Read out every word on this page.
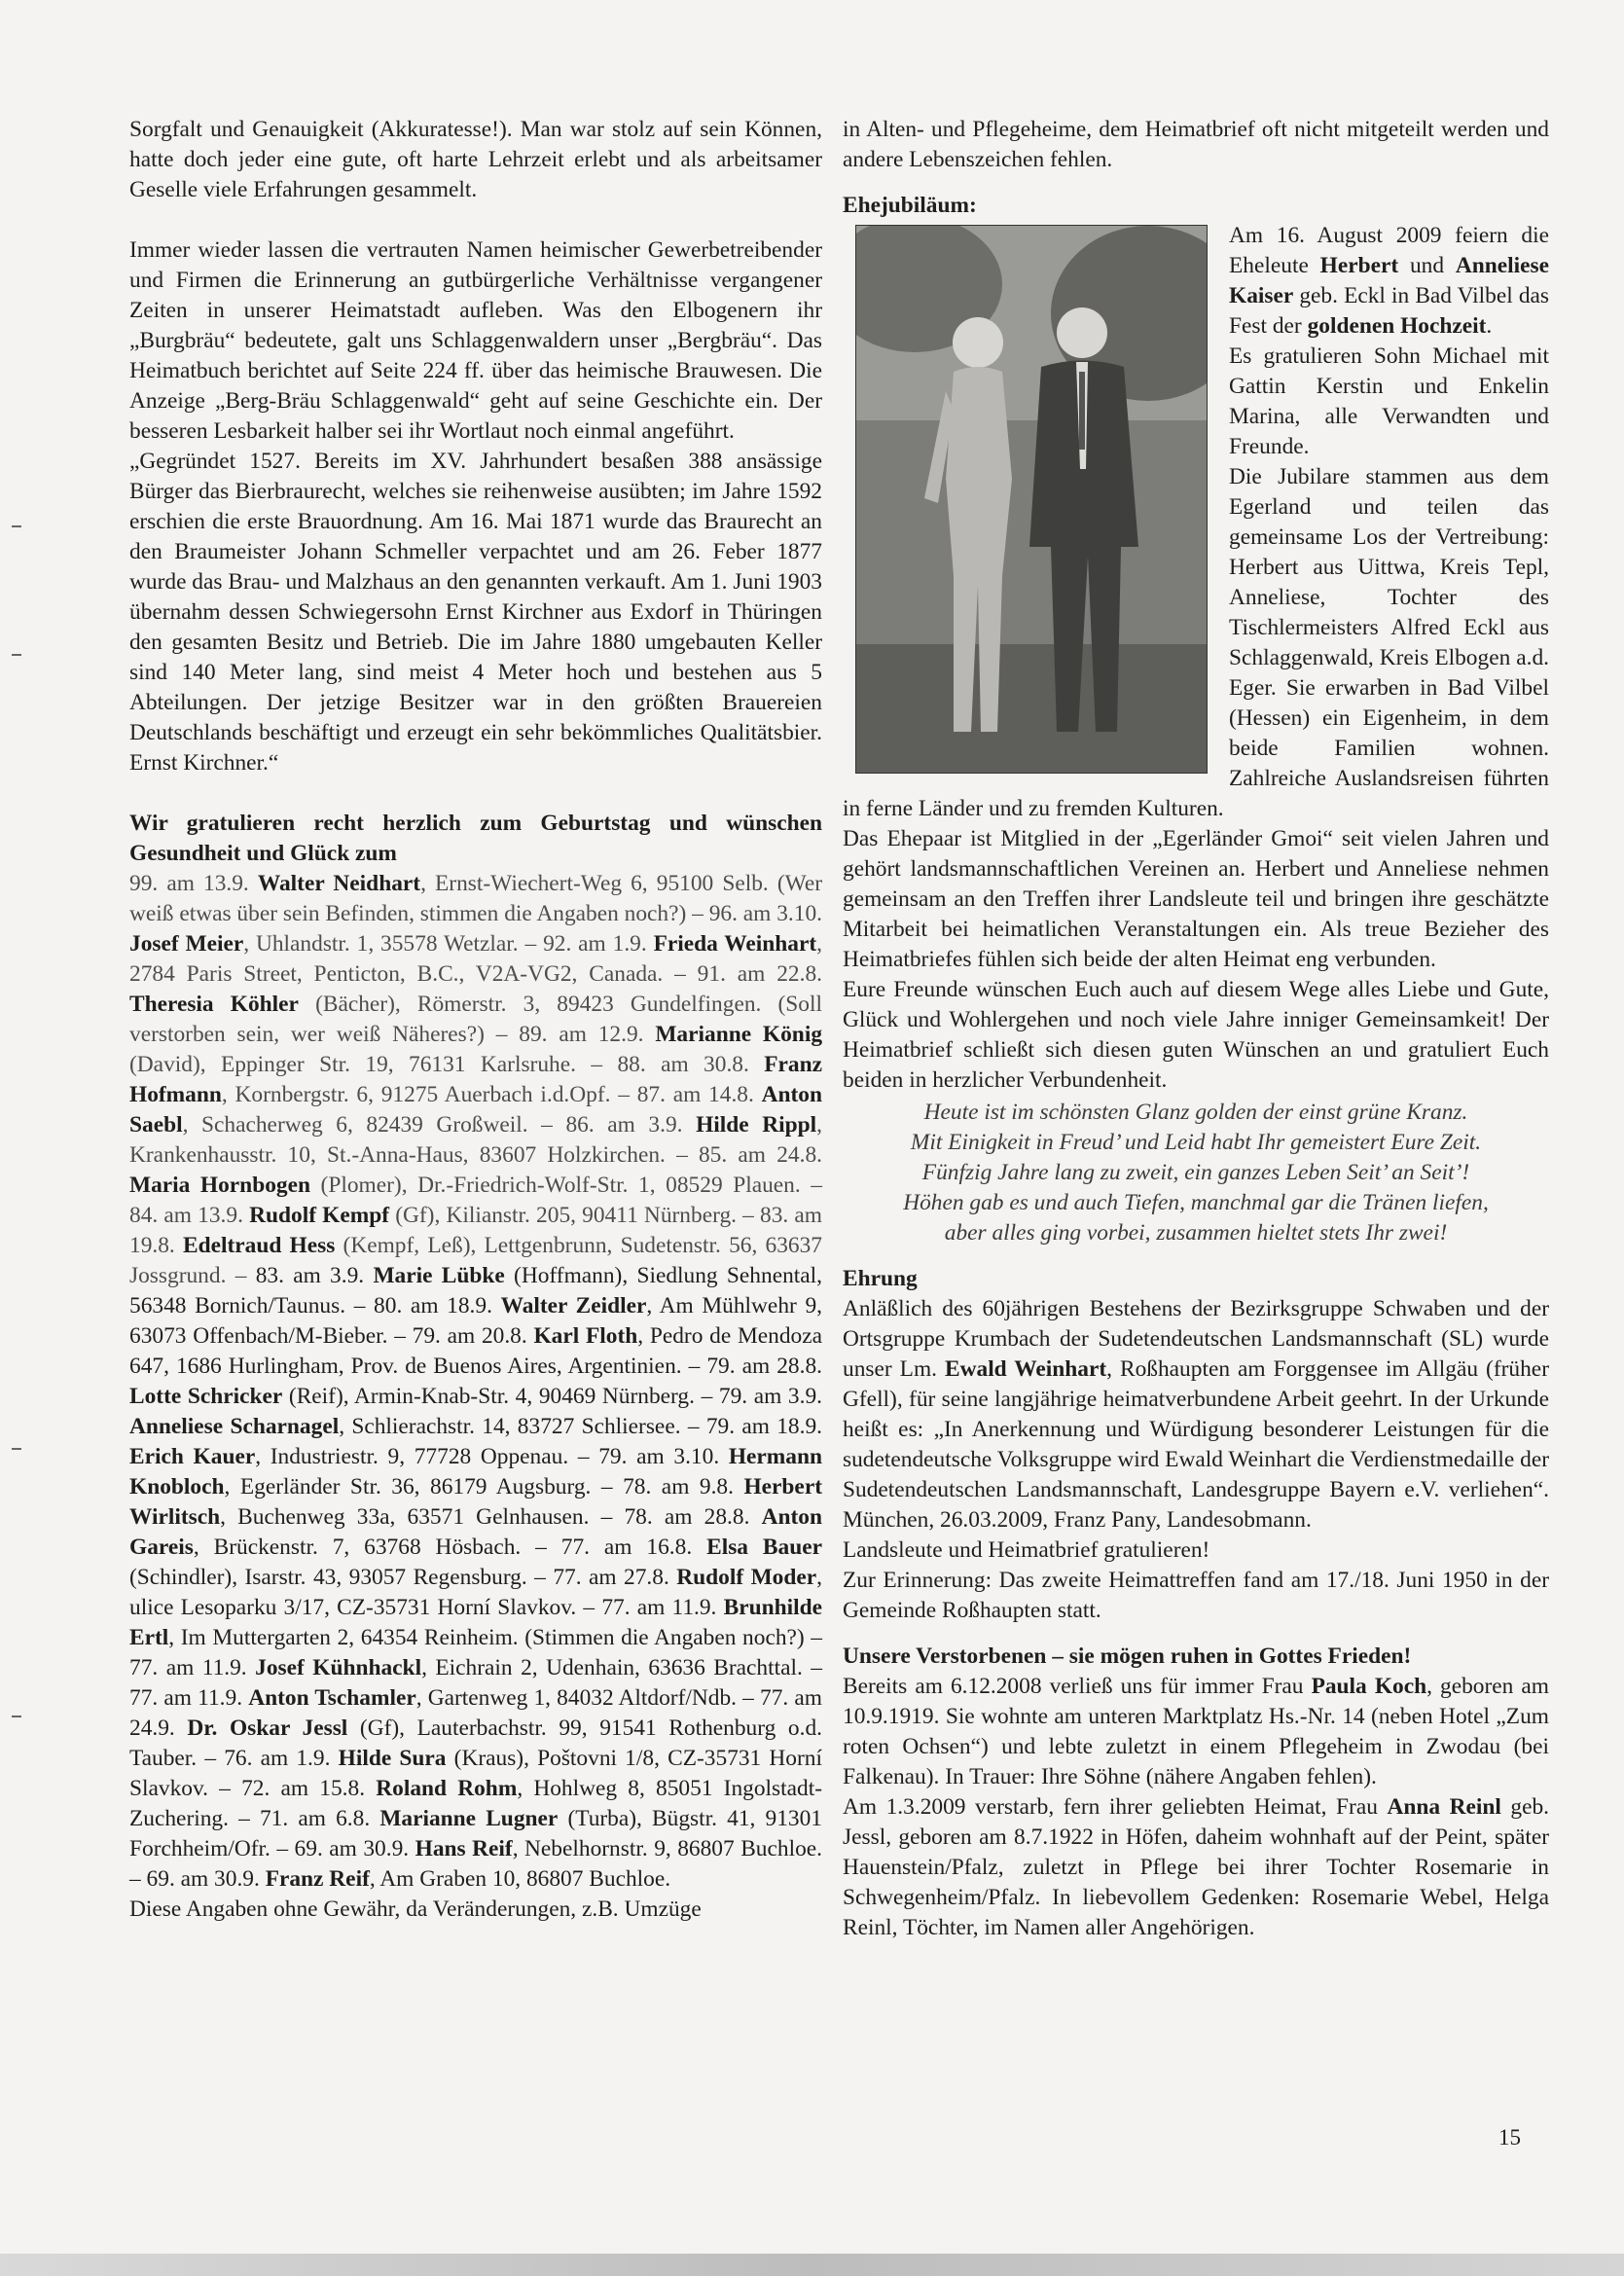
Sorgfalt und Genauigkeit (Akkuratesse!). Man war stolz auf sein Können, hatte doch jeder eine gute, oft harte Lehrzeit erlebt und als arbeitsamer Geselle viele Erfahrungen gesammelt.

Immer wieder lassen die vertrauten Namen heimischer Gewerbetreibender und Firmen die Erinnerung an gutbürgerliche Verhältnisse vergangener Zeiten in unserer Heimatstadt aufleben. Was den Elbogenern ihr „Burgbräu“ bedeutete, galt uns Schlaggenwaldern unser „Bergbräu“. Das Heimatbuch berichtet auf Seite 224 ff. über das heimische Brauwesen. Die Anzeige „Berg-Bräu Schlaggenwald“ geht auf seine Geschichte ein. Der besseren Lesbarkeit halber sei ihr Wortlaut noch einmal angeführt.

„Gegründet 1527. Bereits im XV. Jahrhundert besaßen 388 ansässige Bürger das Bierbraurecht, welches sie reihenweise ausübten; im Jahre 1592 erschien die erste Brauordnung. Am 16. Mai 1871 wurde das Braurecht an den Braumeister Johann Schmeller verpachtet und am 26. Feber 1877 wurde das Brau- und Malzhaus an den genannten verkauft. Am 1. Juni 1903 übernahm dessen Schwiegersohn Ernst Kirchner aus Exdorf in Thüringen den gesamten Besitz und Betrieb. Die im Jahre 1880 umgebauten Keller sind 140 Meter lang, sind meist 4 Meter hoch und bestehen aus 5 Abteilungen. Der jetzige Besitzer war in den größten Brauereien Deutschlands beschäftigt und erzeugt ein sehr bekömmliches Qualitätsbier. Ernst Kirchner.“

Wir gratulieren recht herzlich zum Geburtstag und wünschen Gesundheit und Glück zum

99. am 13.9. Walter Neidhart, Ernst-Wiechert-Weg 6, 95100 Selb. (Wer weiß etwas über sein Befinden, stimmen die Angaben noch?) – 96. am 3.10. Josef Meier, Uhlandstr. 1, 35578 Wetzlar. – 92. am 1.9. Frieda Weinhart, 2784 Paris Street, Penticton, B.C., V2A-VG2, Canada. – 91. am 22.8. Theresia Köhler (Bächer), Römerstr. 3, 89423 Gundelfingen. (Soll verstorben sein, wer weiß Näheres?) – 89. am 12.9. Marianne König (David), Eppinger Str. 19, 76131 Karlsruhe. – 88. am 30.8. Franz Hofmann, Kornbergstr. 6, 91275 Auerbach i.d.Opf. – 87. am 14.8. Anton Saebl, Schacherweg 6, 82439 Großweil. – 86. am 3.9. Hilde Rippl, Krankenhausstr. 10, St.-Anna-Haus, 83607 Holzkirchen. – 85. am 24.8. Maria Hornbogen (Plomer), Dr.-Friedrich-Wolf-Str. 1, 08529 Plauen. – 84. am 13.9. Rudolf Kempf (Gf), Kilianstr. 205, 90411 Nürnberg. – 83. am 19.8. Edeltraud Hess (Kempf, Leß), Lettgenbrunn, Sudetenstr. 56, 63637 Jossgrund. – 83. am 3.9. Marie Lübke (Hoffmann), Siedlung Sehnental, 56348 Bornich/Taunus. – 80. am 18.9. Walter Zeidler, Am Mühlwehr 9, 63073 Offenbach/M-Bieber. – 79. am 20.8. Karl Floth, Pedro de Mendoza 647, 1686 Hurlingham, Prov. de Buenos Aires, Argentinien. – 79. am 28.8. Lotte Schricker (Reif), Armin-Knab-Str. 4, 90469 Nürnberg. – 79. am 3.9. Anneliese Scharnagel, Schlierachstr. 14, 83727 Schliersee. – 79. am 18.9. Erich Kauer, Industriestr. 9, 77728 Oppenau. – 79. am 3.10. Hermann Knobloch, Egerländer Str. 36, 86179 Augsburg. – 78. am 9.8. Herbert Wirlitsch, Buchenweg 33a, 63571 Gelnhausen. – 78. am 28.8. Anton Gareis, Brückenstr. 7, 63768 Hösbach. – 77. am 16.8. Elsa Bauer (Schindler), Isarstr. 43, 93057 Regensburg. – 77. am 27.8. Rudolf Moder, ulice Lesoparku 3/17, CZ-35731 Horní Slavkov. – 77. am 11.9. Brunhilde Ertl, Im Muttergarten 2, 64354 Reinheim. (Stimmen die Angaben noch?) – 77. am 11.9. Josef Kühnhackl, Eichrain 2, Udenhain, 63636 Brachttal. – 77. am 11.9. Anton Tschamler, Gartenweg 1, 84032 Altdorf/Ndb. – 77. am 24.9. Dr. Oskar Jessl (Gf), Lauterbachstr. 99, 91541 Rothenburg o.d. Tauber. – 76. am 1.9. Hilde Sura (Kraus), Poštovni 1/8, CZ-35731 Horní Slavkov. – 72. am 15.8. Roland Rohm, Hohlweg 8, 85051 Ingolstadt-Zuchering. – 71. am 6.8. Marianne Lugner (Turba), Bügstr. 41, 91301 Forchheim/Ofr. – 69. am 30.9. Hans Reif, Nebelhornstr. 9, 86807 Buchloe. – 69. am 30.9. Franz Reif, Am Graben 10, 86807 Buchloe.

Diese Angaben ohne Gewähr, da Veränderungen, z.B. Umzüge

in Alten- und Pflegeheime, dem Heimatbrief oft nicht mitgeteilt werden und andere Lebenszeichen fehlen.

Ehejubiläum:

Am 16. August 2009 feiern die Eheleute Herbert und Anneliese Kaiser geb. Eckl in Bad Vilbel das Fest der goldenen Hochzeit.

Es gratulieren Sohn Michael mit Gattin Kerstin und Enkelin Marina, alle Verwandten und Freunde.

Die Jubilare stammen aus dem Egerland und teilen das gemeinsame Los der Vertreibung: Herbert aus Uittwa, Kreis Tepl, Anneliese, Tochter des Tischlermeisters Alfred Eckl aus Schlaggenwald, Kreis Elbogen a.d. Eger. Sie erwarben in Bad Vilbel (Hessen) ein Eigenheim, in dem beide Familien wohnen. Zahlreiche Auslandsreisen führten in ferne Länder und zu fremden Kulturen.

Das Ehepaar ist Mitglied in der „Egerländer Gmoi“ seit vielen Jahren und gehört landsmannschaftlichen Vereinen an. Herbert und Anneliese nehmen gemeinsam an den Treffen ihrer Landsleute teil und bringen ihre geschätzte Mitarbeit bei heimatlichen Veranstaltungen ein. Als treue Bezieher des Heimatbriefes fühlen sich beide der alten Heimat eng verbunden.

Eure Freunde wünschen Euch auch auf diesem Wege alles Liebe und Gute, Glück und Wohlergehen und noch viele Jahre inniger Gemeinsamkeit! Der Heimatbrief schließt sich diesen guten Wünschen an und gratuliert Euch beiden in herzlicher Verbundenheit.

Heute ist im schönsten Glanz golden der einst grüne Kranz.
Mit Einigkeit in Freud’ und Leid habt Ihr gemeistert Eure Zeit.
Fünfzig Jahre lang zu zweit, ein ganzes Leben Seit’ an Seit’!
Höhen gab es und auch Tiefen, manchmal gar die Tränen liefen,
aber alles ging vorbei, zusammen hieltet stets Ihr zwei!
Ehrung

Anläßlich des 60jährigen Bestehens der Bezirksgruppe Schwaben und der Ortsgruppe Krumbach der Sudetendeutschen Landsmannschaft (SL) wurde unser Lm. Ewald Weinhart, Roßhaupten am Forggensee im Allgäu (früher Gfell), für seine langjährige heimatverbundene Arbeit geehrt. In der Urkunde heißt es: „In Anerkennung und Würdigung besonderer Leistungen für die sudetendeutsche Volksgruppe wird Ewald Weinhart die Verdienstmedaille der Sudetendeutschen Landsmannschaft, Landesgruppe Bayern e.V. verliehen“. München, 26.03.2009, Franz Pany, Landesobmann.

Landsleute und Heimatbrief gratulieren!

Zur Erinnerung: Das zweite Heimattreffen fand am 17./18. Juni 1950 in der Gemeinde Roßhaupten statt.

Unsere Verstorbenen – sie mögen ruhen in Gottes Frieden!

Bereits am 6.12.2008 verließ uns für immer Frau Paula Koch, geboren am 10.9.1919. Sie wohnte am unteren Marktplatz Hs.-Nr. 14 (neben Hotel „Zum roten Ochsen“) und lebte zuletzt in einem Pflegeheim in Zwodau (bei Falkenau). In Trauer: Ihre Söhne (nähere Angaben fehlen).

Am 1.3.2009 verstarb, fern ihrer geliebten Heimat, Frau Anna Reinl geb. Jessl, geboren am 8.7.1922 in Höfen, daheim wohnhaft auf der Peint, später Hauenstein/Pfalz, zuletzt in Pflege bei ihrer Tochter Rosemarie in Schwegenheim/Pfalz. In liebevollem Gedenken: Rosemarie Webel, Helga Reinl, Töchter, im Namen aller Angehörigen.

15
